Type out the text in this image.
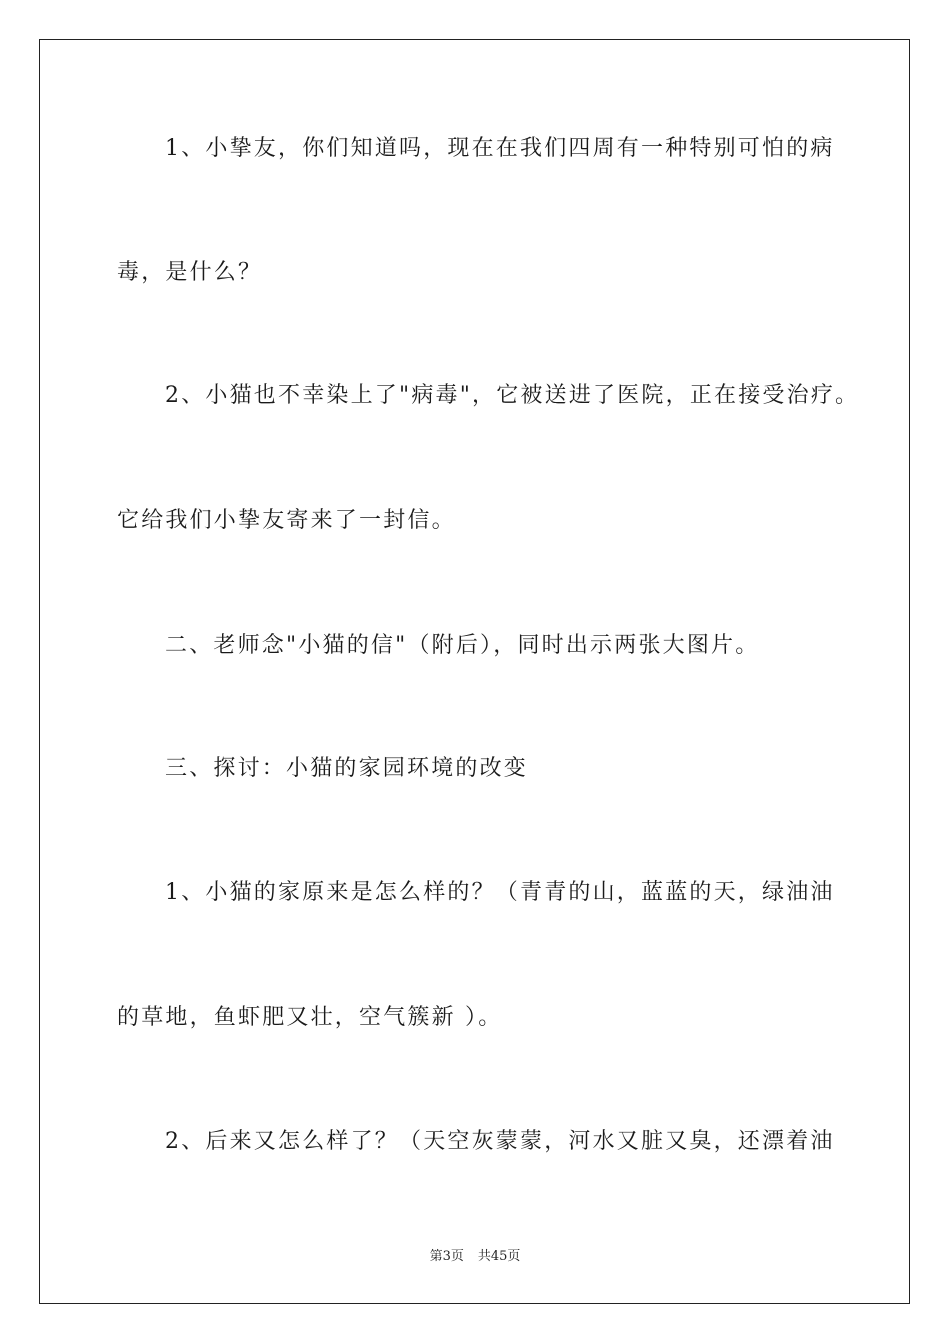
1、小挚友，你们知道吗，现在在我们四周有一种特别可怕的病
毒，是什么？
2、小猫也不幸染上了"病毒"，它被送进了医院，正在接受治疗。
它给我们小挚友寄来了一封信。
二、老师念"小猫的信"（附后），同时出示两张大图片。
三、探讨：小猫的家园环境的改变
1、小猫的家原来是怎么样的？（青青的山，蓝蓝的天，绿油油
的草地，鱼虾肥又壮，空气簇新 ）。
2、后来又怎么样了？（天空灰蒙蒙，河水又脏又臭，还漂着油
第3页 共45页
